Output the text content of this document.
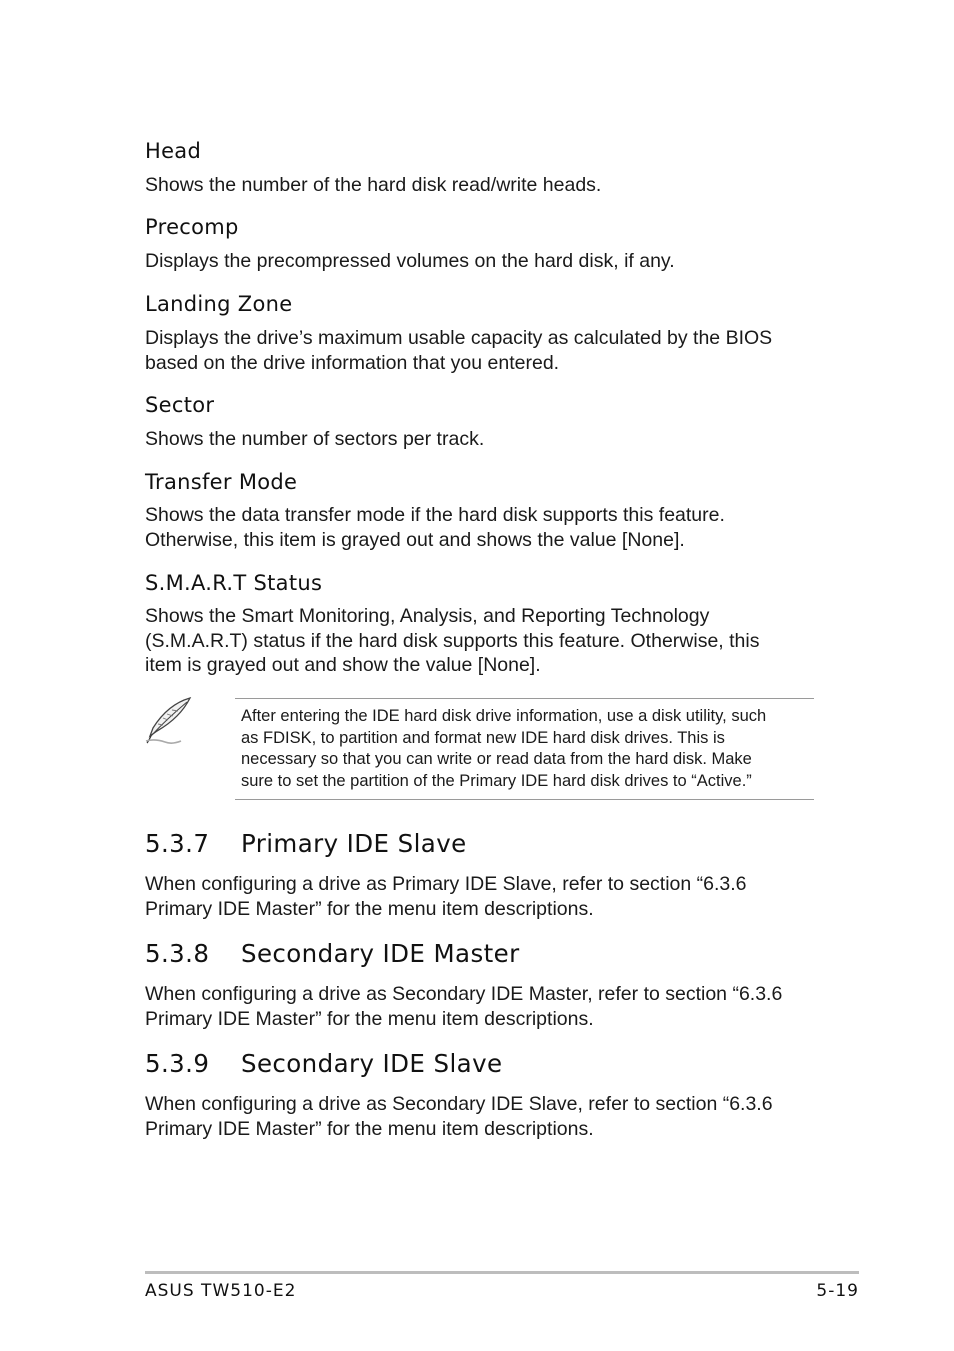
Head

Shows the number of the hard disk read/write heads.

Precomp

Displays the precompressed volumes on the hard disk, if any.

Landing Zone

Displays the drive’s maximum usable capacity as calculated by the BIOS
based on the drive information that you entered.

Sector

Shows the number of sectors per track.

Transfer Mode

Shows the data transfer mode if the hard disk supports this feature.
Otherwise, this item is grayed out and shows the value [None].

S.M.A.R.T Status

Shows the Smart Monitoring, Analysis, and Reporting Technology
(S.M.A.R.T) status if the hard disk supports this feature. Otherwise, this
item is grayed out and show the value [None].

After entering the IDE hard disk drive information, use a disk utility, such
as FDISK, to partition and format new IDE hard disk drives. This is
necessary so that you can write or read data from the hard disk. Make
sure to set the partition of the Primary IDE hard disk drives to “Active.”

5.3.7 Primary IDE Slave

When configuring a drive as Primary IDE Slave, refer to section “6.3.6
Primary IDE Master” for the menu item descriptions.

5.3.8 Secondary IDE Master

When configuring a drive as Secondary IDE Master, refer to section “6.3.6
Primary IDE Master” for the menu item descriptions.

5.3.9 Secondary IDE Slave

When configuring a drive as Secondary IDE Slave, refer to section “6.3.6
Primary IDE Master” for the menu item descriptions.

ASUS TW510-E2	5-19
